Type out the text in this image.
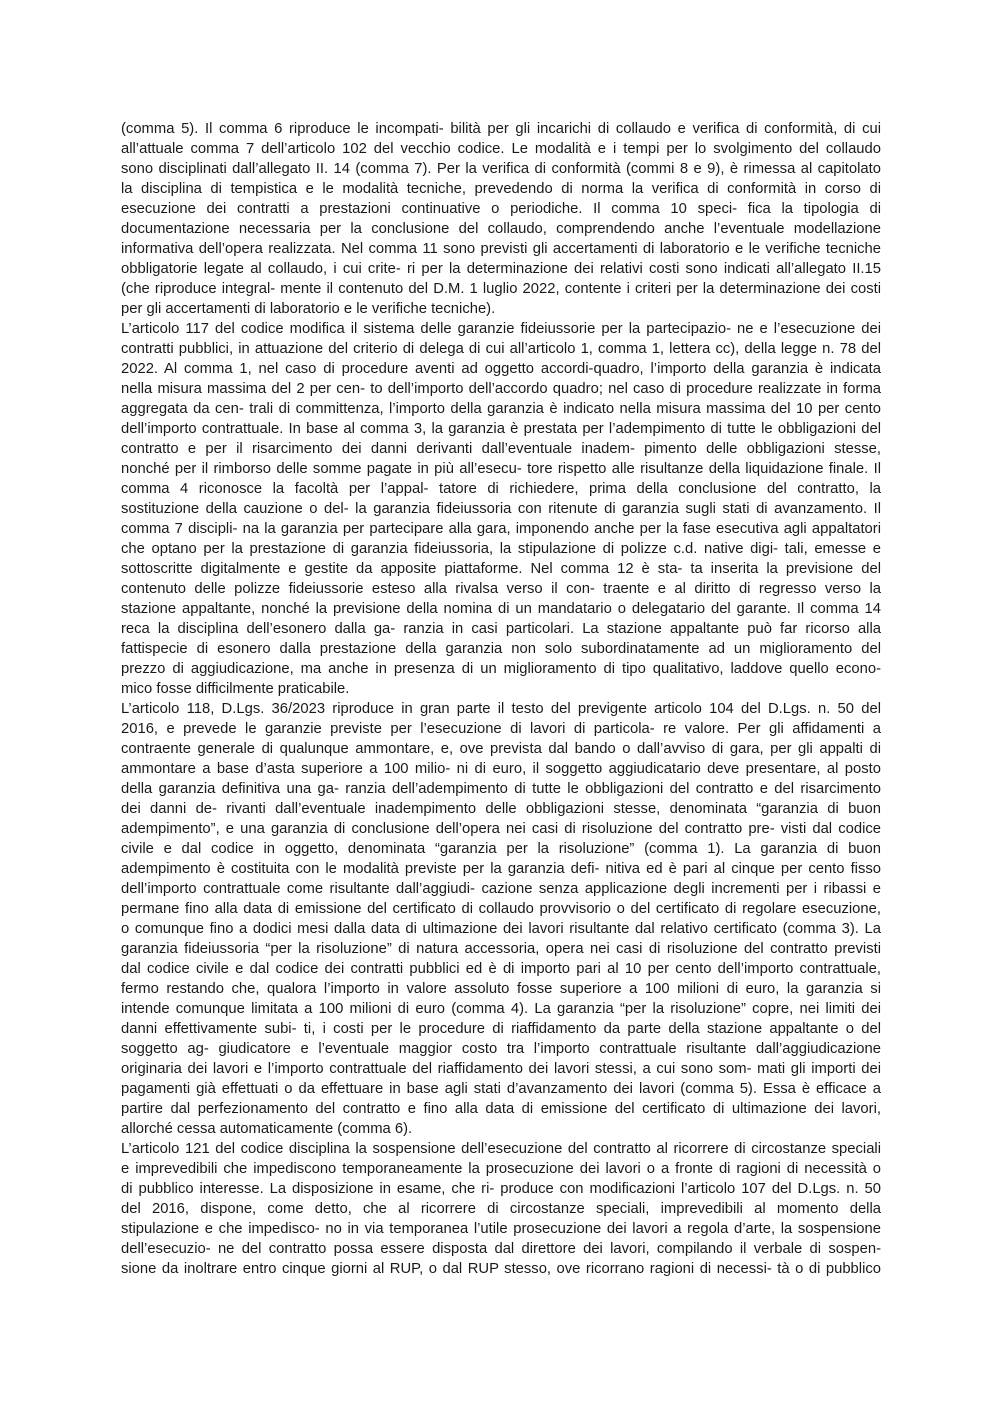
(comma 5). Il comma 6 riproduce le incompati- bilità per gli incarichi di collaudo e verifica di conformità, di cui
all’attuale comma 7 dell’articolo 102 del vecchio codice. Le modalità e i tempi per lo svolgimento del collaudo
sono disciplinati dall’allegato II. 14 (comma 7). Per la verifica di conformità (commi 8 e 9), è rimessa al capitolato
la disciplina di tempistica e le modalità tecniche, prevedendo di norma la verifica di conformità in corso di
esecuzione dei contratti a prestazioni continuative o periodiche. Il comma 10 speci- fica la tipologia di
documentazione necessaria per la conclusione del collaudo, comprendendo anche l’eventuale modellazione
informativa dell’opera realizzata. Nel comma 11 sono previsti gli accertamenti di laboratorio e le verifiche tecniche
obbligatorie legate al collaudo, i cui crite- ri per la determinazione dei relativi costi sono indicati all’allegato II.15
(che riproduce integral- mente il contenuto del D.M. 1 luglio 2022, contente i criteri per la determinazione dei costi
per gli accertamenti di laboratorio e le verifiche tecniche).
L’articolo 117 del codice modifica il sistema delle garanzie fideiussorie per la partecipazio- ne e l’esecuzione dei
contratti pubblici, in attuazione del criterio di delega di cui all’articolo 1, comma 1, lettera cc), della legge n. 78 del
2022. Al comma 1, nel caso di procedure aventi ad oggetto accordi-quadro, l’importo della garanzia è indicata
nella misura massima del 2 per cen- to dell’importo dell’accordo quadro; nel caso di procedure realizzate in forma
aggregata da cen- trali di committenza, l’importo della garanzia è indicato nella misura massima del 10 per cento
dell’importo contrattuale. In base al comma 3, la garanzia è prestata per l’adempimento di tutte le obbligazioni del
contratto e per il risarcimento dei danni derivanti dall’eventuale inadem- pimento delle obbligazioni stesse,
nonché per il rimborso delle somme pagate in più all’esecu- tore rispetto alle risultanze della liquidazione finale. Il
comma 4 riconosce la facoltà per l’appal- tatore di richiedere, prima della conclusione del contratto, la
sostituzione della cauzione o del- la garanzia fideiussoria con ritenute di garanzia sugli stati di avanzamento. Il
comma 7 discipli- na la garanzia per partecipare alla gara, imponendo anche per la fase esecutiva agli appaltatori
che optano per la prestazione di garanzia fideiussoria, la stipulazione di polizze c.d. native digi- tali, emesse e
sottoscritte digitalmente e gestite da apposite piattaforme. Nel comma 12 è sta- ta inserita la previsione del
contenuto delle polizze fideiussorie esteso alla rivalsa verso il con- traente e al diritto di regresso verso la
stazione appaltante, nonché la previsione della nomina di un mandatario o delegatario del garante. Il comma 14
reca la disciplina dell’esonero dalla ga- ranzia in casi particolari. La stazione appaltante può far ricorso alla
fattispecie di esonero dalla prestazione della garanzia non solo subordinatamente ad un miglioramento del
prezzo di aggiudicazione, ma anche in presenza di un miglioramento di tipo qualitativo, laddove quello econo-
mico fosse difficilmente praticabile.
L’articolo 118, D.Lgs. 36/2023 riproduce in gran parte il testo del previgente articolo 104 del D.Lgs. n. 50 del
2016, e prevede le garanzie previste per l’esecuzione di lavori di particola- re valore. Per gli affidamenti a
contraente generale di qualunque ammontare, e, ove prevista dal bando o dall’avviso di gara, per gli appalti di
ammontare a base d’asta superiore a 100 milio- ni di euro, il soggetto aggiudicatario deve presentare, al posto
della garanzia definitiva una ga- ranzia dell’adempimento di tutte le obbligazioni del contratto e del risarcimento
dei danni de- rivanti dall’eventuale inadempimento delle obbligazioni stesse, denominata “garanzia di buon
adempimento”, e una garanzia di conclusione dell’opera nei casi di risoluzione del contratto pre- visti dal codice
civile e dal codice in oggetto, denominata “garanzia per la risoluzione” (comma 1). La garanzia di buon
adempimento è costituita con le modalità previste per la garanzia defi- nitiva ed è pari al cinque per cento fisso
dell’importo contrattuale come risultante dall’aggiudi- cazione senza applicazione degli incrementi per i ribassi e
permane fino alla data di emissione del certificato di collaudo provvisorio o del certificato di regolare esecuzione,
o comunque fino a dodici mesi dalla data di ultimazione dei lavori risultante dal relativo certificato (comma 3). La
garanzia fideiussoria “per la risoluzione” di natura accessoria, opera nei casi di risoluzione del contratto previsti
dal codice civile e dal codice dei contratti pubblici ed è di importo pari al 10 per cento dell’importo contrattuale,
fermo restando che, qualora l’importo in valore assoluto fosse superiore a 100 milioni di euro, la garanzia si
intende comunque limitata a 100 milioni di euro (comma 4). La garanzia “per la risoluzione” copre, nei limiti dei
danni effettivamente subi- ti, i costi per le procedure di riaffidamento da parte della stazione appaltante o del
soggetto ag- giudicatore e l’eventuale maggior costo tra l’importo contrattuale risultante dall’aggiudicazione
originaria dei lavori e l’importo contrattuale del riaffidamento dei lavori stessi, a cui sono som- mati gli importi dei
pagamenti già effettuati o da effettuare in base agli stati d’avanzamento dei lavori (comma 5). Essa è efficace a
partire dal perfezionamento del contratto e fino alla data di emissione del certificato di ultimazione dei lavori,
allorché cessa automaticamente (comma 6).
L’articolo 121 del codice disciplina la sospensione dell’esecuzione del contratto al ricorrere di circostanze speciali
e imprevedibili che impediscono temporaneamente la prosecuzione dei lavori o a fronte di ragioni di necessità o
di pubblico interesse. La disposizione in esame, che ri- produce con modificazioni l’articolo 107 del D.Lgs. n. 50
del 2016, dispone, come detto, che al ricorrere di circostanze speciali, imprevedibili al momento della
stipulazione e che impedisco- no in via temporanea l’utile prosecuzione dei lavori a regola d’arte, la sospensione
dell’esecuzio- ne del contratto possa essere disposta dal direttore dei lavori, compilando il verbale di sospen-
sione da inoltrare entro cinque giorni al RUP, o dal RUP stesso, ove ricorrano ragioni di necessi- tà o di pubblico
